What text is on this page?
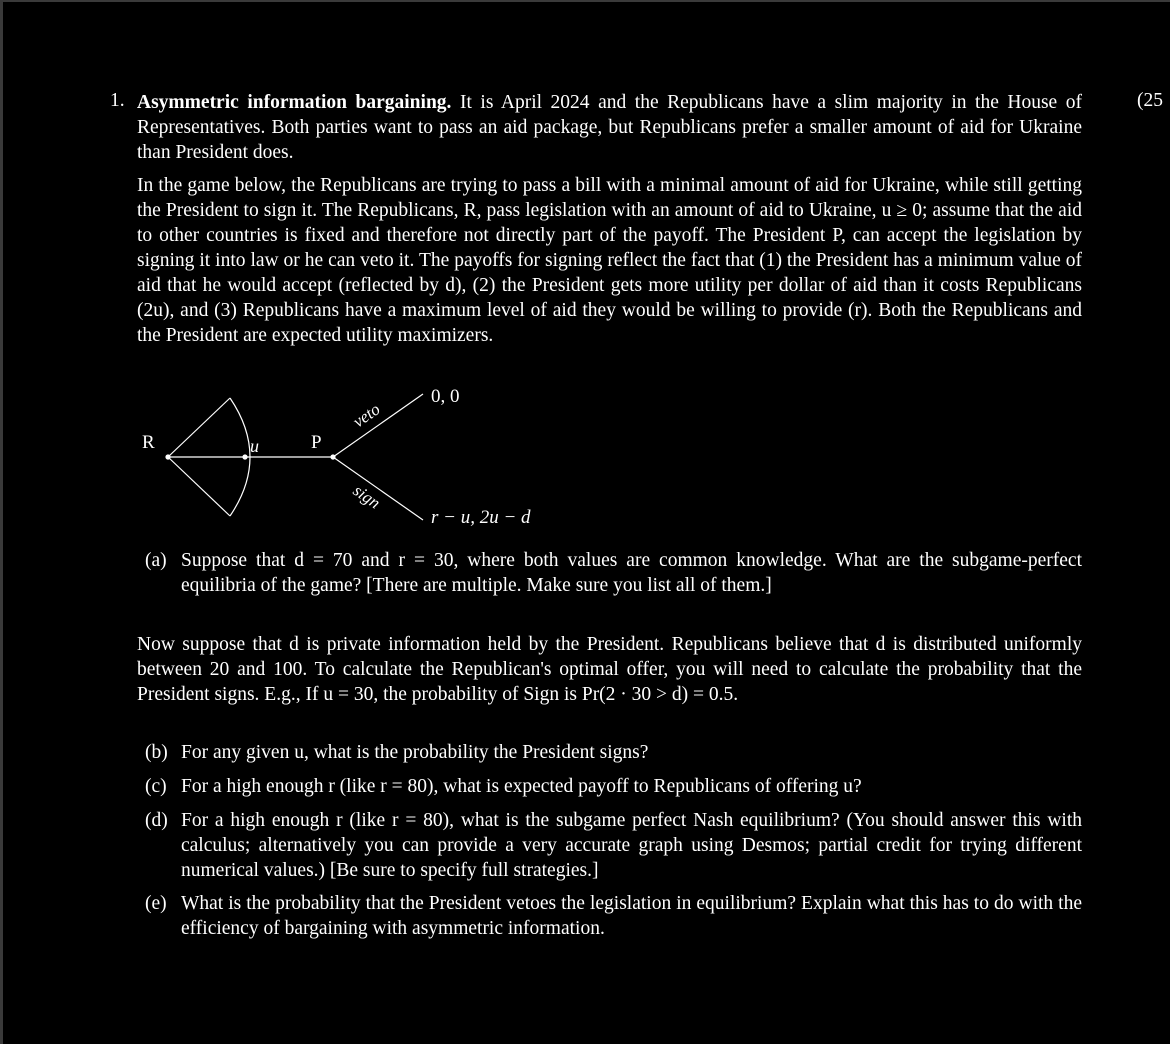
1.	(25
Asymmetric information bargaining. It is April 2024 and the Republicans have a slim majority in the House of Representatives. Both parties want to pass an aid package, but Republicans prefer a smaller amount of aid for Ukraine than President does.
In the game below, the Republicans are trying to pass a bill with a minimal amount of aid for Ukraine, while still getting the President to sign it. The Republicans, R, pass legislation with an amount of aid to Ukraine, u ≥ 0; assume that the aid to other countries is fixed and therefore not directly part of the payoff. The President P, can accept the legislation by signing it into law or he can veto it. The payoffs for signing reflect the fact that (1) the President has a minimum value of aid that he would accept (reflected by d), (2) the President gets more utility per dollar of aid than it costs Republicans (2u), and (3) Republicans have a maximum level of aid they would be willing to provide (r). Both the Republicans and the President are expected utility maximizers.
R	u	P
veto
sign
0, 0
r − u, 2u − d
(a) Suppose that d = 70 and r = 30, where both values are common knowledge. What are the subgame-perfect equilibria of the game? [There are multiple. Make sure you list all of them.]
Now suppose that d is private information held by the President. Republicans believe that d is distributed uniformly between 20 and 100. To calculate the Republican's optimal offer, you will need to calculate the probability that the President signs. E.g., If u = 30, the probability of Sign is Pr(2 · 30 > d) = 0.5.
(b) For any given u, what is the probability the President signs?
(c) For a high enough r (like r = 80), what is expected payoff to Republicans of offering u?
(d) For a high enough r (like r = 80), what is the subgame perfect Nash equilibrium? (You should answer this with calculus; alternatively you can provide a very accurate graph using Desmos; partial credit for trying different numerical values.) [Be sure to specify full strategies.]
(e) What is the probability that the President vetoes the legislation in equilibrium? Explain what this has to do with the efficiency of bargaining with asymmetric information.
